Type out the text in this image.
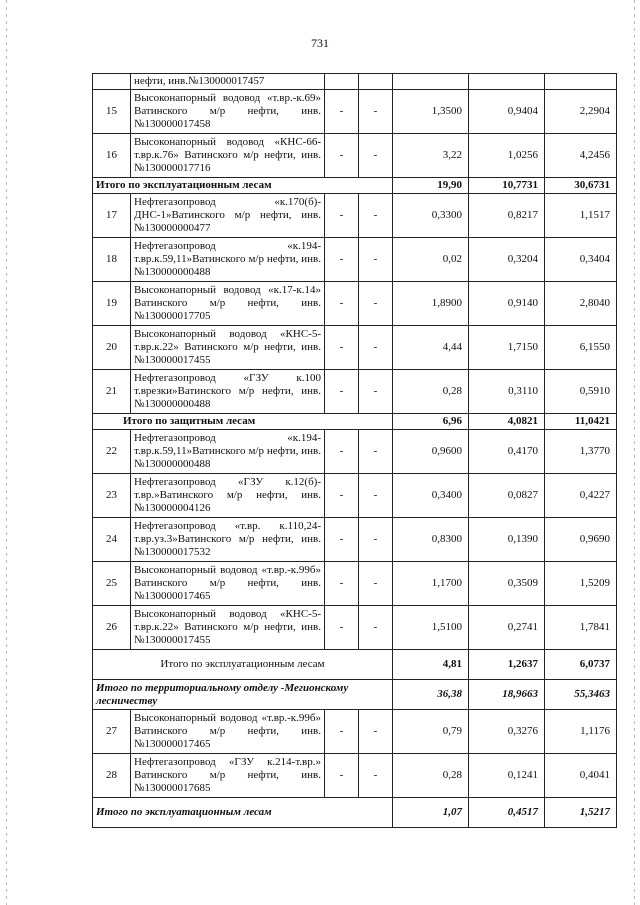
731
	нефти, инв.№130000017457					
15	Высоконапорный водовод «т.вр.-к.69» Ватинского м/р нефти, инв.№130000017458	-	-	1,3500	0,9404	2,2904
16	Высоконапорный водовод «КНС-66-т.вр.к.76» Ватинского м/р нефти, инв.№130000017716	-	-	3,22	1,0256	4,2456
Итого по эксплуатационным лесам				19,90	10,7731	30,6731
17	Нефтегазопровод «к.170(б)-ДНС-1»Ватинского м/р нефти, инв.№130000000477	-	-	0,3300	0,8217	1,1517
18	Нефтегазопровод «к.194-т.вр.к.59,11»Ватинского м/р нефти, инв.№130000000488	-	-	0,02	0,3204	0,3404
19	Высоконапорный водовод «к.17-к.14» Ватинского м/р нефти, инв.№130000017705	-	-	1,8900	0,9140	2,8040
20	Высоконапорный водовод «КНС-5-т.вр.к.22» Ватинского м/р нефти, инв.№130000017455	-	-	4,44	1,7150	6,1550
21	Нефтегазопровод «ГЗУ к.100 т.врезки»Ватинского м/р нефти, инв.№130000000488	-	-	0,28	0,3110	0,5910
Итого по защитным лесам				6,96	4,0821	11,0421
22	Нефтегазопровод «к.194-т.вр.к.59,11»Ватинского м/р нефти, инв.№130000000488	-	-	0,9600	0,4170	1,3770
23	Нефтегазопровод «ГЗУ к.12(б)-т.вр.»Ватинского м/р нефти, инв.№130000004126	-	-	0,3400	0,0827	0,4227
24	Нефтегазопровод «т.вр. к.110,24-т.вр.уз.3»Ватинского м/р нефти, инв.№130000017532	-	-	0,8300	0,1390	0,9690
25	Высоконапорный водовод «т.вр.-к.99б» Ватинского м/р нефти, инв.№130000017465	-	-	1,1700	0,3509	1,5209
26	Высоконапорный водовод «КНС-5-т.вр.к.22» Ватинского м/р нефти, инв.№130000017455	-	-	1,5100	0,2741	1,7841
Итого по эксплуатационным лесам				4,81	1,2637	6,0737
Итого по территориальному отделу -Мегионскому лесничеству				36,38	18,9663	55,3463
27	Высоконапорный водовод «т.вр.-к.99б» Ватинского м/р нефти, инв.№130000017465	-	-	0,79	0,3276	1,1176
28	Нефтегазопровод «ГЗУ к.214-т.вр.» Ватинского м/р нефти, инв.№130000017685	-	-	0,28	0,1241	0,4041
Итого по эксплуатационным лесам				1,07	0,4517	1,5217
